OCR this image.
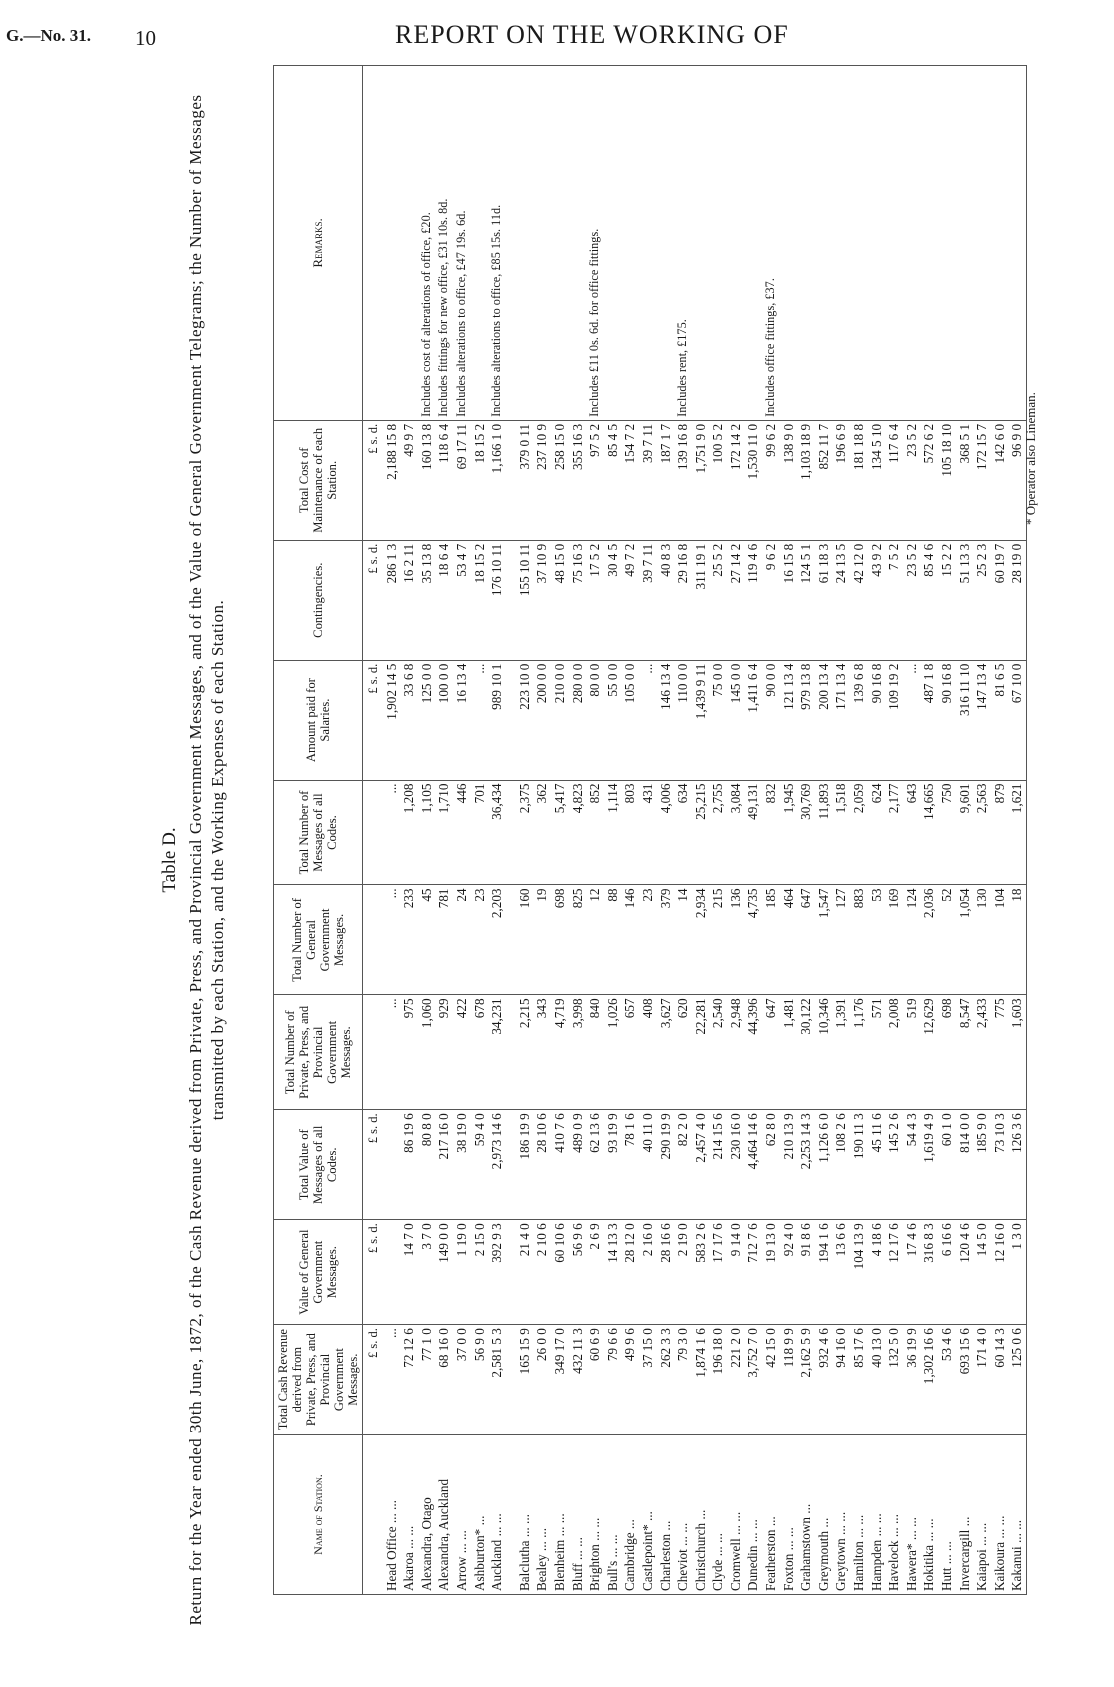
G.—No. 31. 10	REPORT ON THE WORKING OF
Table D. Return for the Year ended 30th June, 1872, of the Cash Revenue derived from Private, Press, and Provincial Government Messages, and of the Value of General Government Telegrams; the Number of Messages transmitted by each Station, and the Working Expenses of each Station.
Name of Station.	Total Cash Revenue derived from Private, Press, and Provincial Government Messages.	Value of General Government Messages.	Total Value of Messages of all Codes.	Total Number of Private, Press, and Provincial Government Messages.	Total Number of General Government Messages.	Total Number of Messages of all Codes.	Amount paid for Salaries.	Contingencies.	Total Cost of Maintenance of each Station.	Remarks.
	£ s. d.	£ s. d.	£ s. d.				£ s. d.	£ s. d.	£ s. d.	
Head Office ... ...	...			...	...	...	1,902 14 5	286 1 3	2,188 15 8	
Akaroa ... ...	72 12 6	14 7 0	86 19 6	975	233	1,208	33 6 8	16 2 11	49 9 7	
Alexandra, Otago	77 1 0	3 7 0	80 8 0	1,060	45	1,105	125 0 0	35 13 8	160 13 8	Includes cost of alterations of office, £20.
Alexandra, Auckland	68 16 0	149 0 0	217 16 0	929	781	1,710	100 0 0	18 6 4	118 6 4	Includes fittings for new office, £31 10s. 8d.
Arrow ... ...	37 0 0	1 19 0	38 19 0	422	24	446	16 13 4	53 4 7	69 17 11	Includes alterations to office, £47 19s. 6d.
Ashburton* ...	56 9 0	2 15 0	59 4 0	678	23	701	...	18 15 2	18 15 2	
Auckland ... ...	2,581 5 3	392 9 3	2,973 14 6	34,231	2,203	36,434	989 10 1	176 10 11	1,166 1 0	Includes alterations to office, £85 15s. 11d.

Balclutha ... ...	165 15 9	21 4 0	186 19 9	2,215	160	2,375	223 10 0	155 10 11	379 0 11	
Bealey ... ...	26 0 0	2 10 6	28 10 6	343	19	362	200 0 0	37 10 9	237 10 9	
Blenheim ... ...	349 17 0	60 10 6	410 7 6	4,719	698	5,417	210 0 0	48 15 0	258 15 0	
Bluff ... ...	432 11 3	56 9 6	489 0 9	3,998	825	4,823	280 0 0	75 16 3	355 16 3	
Brighton ... ...	60 6 9	2 6 9	62 13 6	840	12	852	80 0 0	17 5 2	97 5 2	Includes £11 0s. 6d. for office fittings.
Bull's ... ...	79 6 6	14 13 3	93 19 9	1,026	88	1,114	55 0 0	30 4 5	85 4 5	
Cambridge ...	49 9 6	28 12 0	78 1 6	657	146	803	105 0 0	49 7 2	154 7 2	
Castlepoint* ...	37 15 0	2 16 0	40 11 0	408	23	431	...	39 7 11	39 7 11	
Charleston ...	262 3 3	28 16 6	290 19 9	3,627	379	4,006	146 13 4	40 8 3	187 1 7	
Cheviot ... ...	79 3 0	2 19 0	82 2 0	620	14	634	110 0 0	29 16 8	139 16 8	Includes rent, £175.
Christchurch ...	1,874 1 6	583 2 6	2,457 4 0	22,281	2,934	25,215	1,439 9 11	311 19 1	1,751 9 0	
Clyde ... ...	196 18 0	17 17 6	214 15 6	2,540	215	2,755	75 0 0	25 5 2	100 5 2	
Cromwell ... ...	221 2 0	9 14 0	230 16 0	2,948	136	3,084	145 0 0	27 14 2	172 14 2	
Dunedin ... ...	3,752 7 0	712 7 6	4,464 14 6	44,396	4,735	49,131	1,411 6 4	119 4 6	1,530 11 0	
Featherston ...	42 15 0	19 13 0	62 8 0	647	185	832	90 0 0	9 6 2	99 6 2	Includes office fittings, £37.
Foxton ... ...	118 9 9	92 4 0	210 13 9	1,481	464	1,945	121 13 4	16 15 8	138 9 0	
Grahamstown ...	2,162 5 9	91 8 6	2,253 14 3	30,122	647	30,769	979 13 8	124 5 1	1,103 18 9	
Greymouth ...	932 4 6	194 1 6	1,126 6 0	10,346	1,547	11,893	200 13 4	61 18 3	852 11 7	
Greytown ... ...	94 16 0	13 6 6	108 2 6	1,391	127	1,518	171 13 4	24 13 5	196 6 9	
Hamilton ... ...	85 17 6	104 13 9	190 11 3	1,176	883	2,059	139 6 8	42 12 0	181 18 8	
Hampden ... ...	40 13 0	4 18 6	45 11 6	571	53	624	90 16 8	43 9 2	134 5 10	
Havelock ... ...	132 5 0	12 17 6	145 2 6	2,008	169	2,177	109 19 2	7 5 2	117 6 4	
Hawera* ... ...	36 19 9	17 4 6	54 4 3	519	124	643	...	23 5 2	23 5 2	
Hokitika ... ...	1,302 16 6	316 8 3	1,619 4 9	12,629	2,036	14,665	487 1 8	85 4 6	572 6 2	
Hutt ... ...	53 4 6	6 16 6	60 1 0	698	52	750	90 16 8	15 2 2	105 18 10	
Invercargill ...	693 15 6	120 4 6	814 0 0	8,547	1,054	9,601	316 11 10	51 13 3	368 5 1	
Kaiapoi ... ...	171 4 0	14 5 0	185 9 0	2,433	130	2,563	147 13 4	25 2 3	172 15 7	
Kaikoura ... ...	60 14 3	12 16 0	73 10 3	775	104	879	81 6 5	60 19 7	142 6 0	
Kakanui ... ...	125 0 6	1 3 0	126 3 6	1,603	18	1,621	67 10 0	28 19 0	96 9 0	
* Operator also Lineman.
